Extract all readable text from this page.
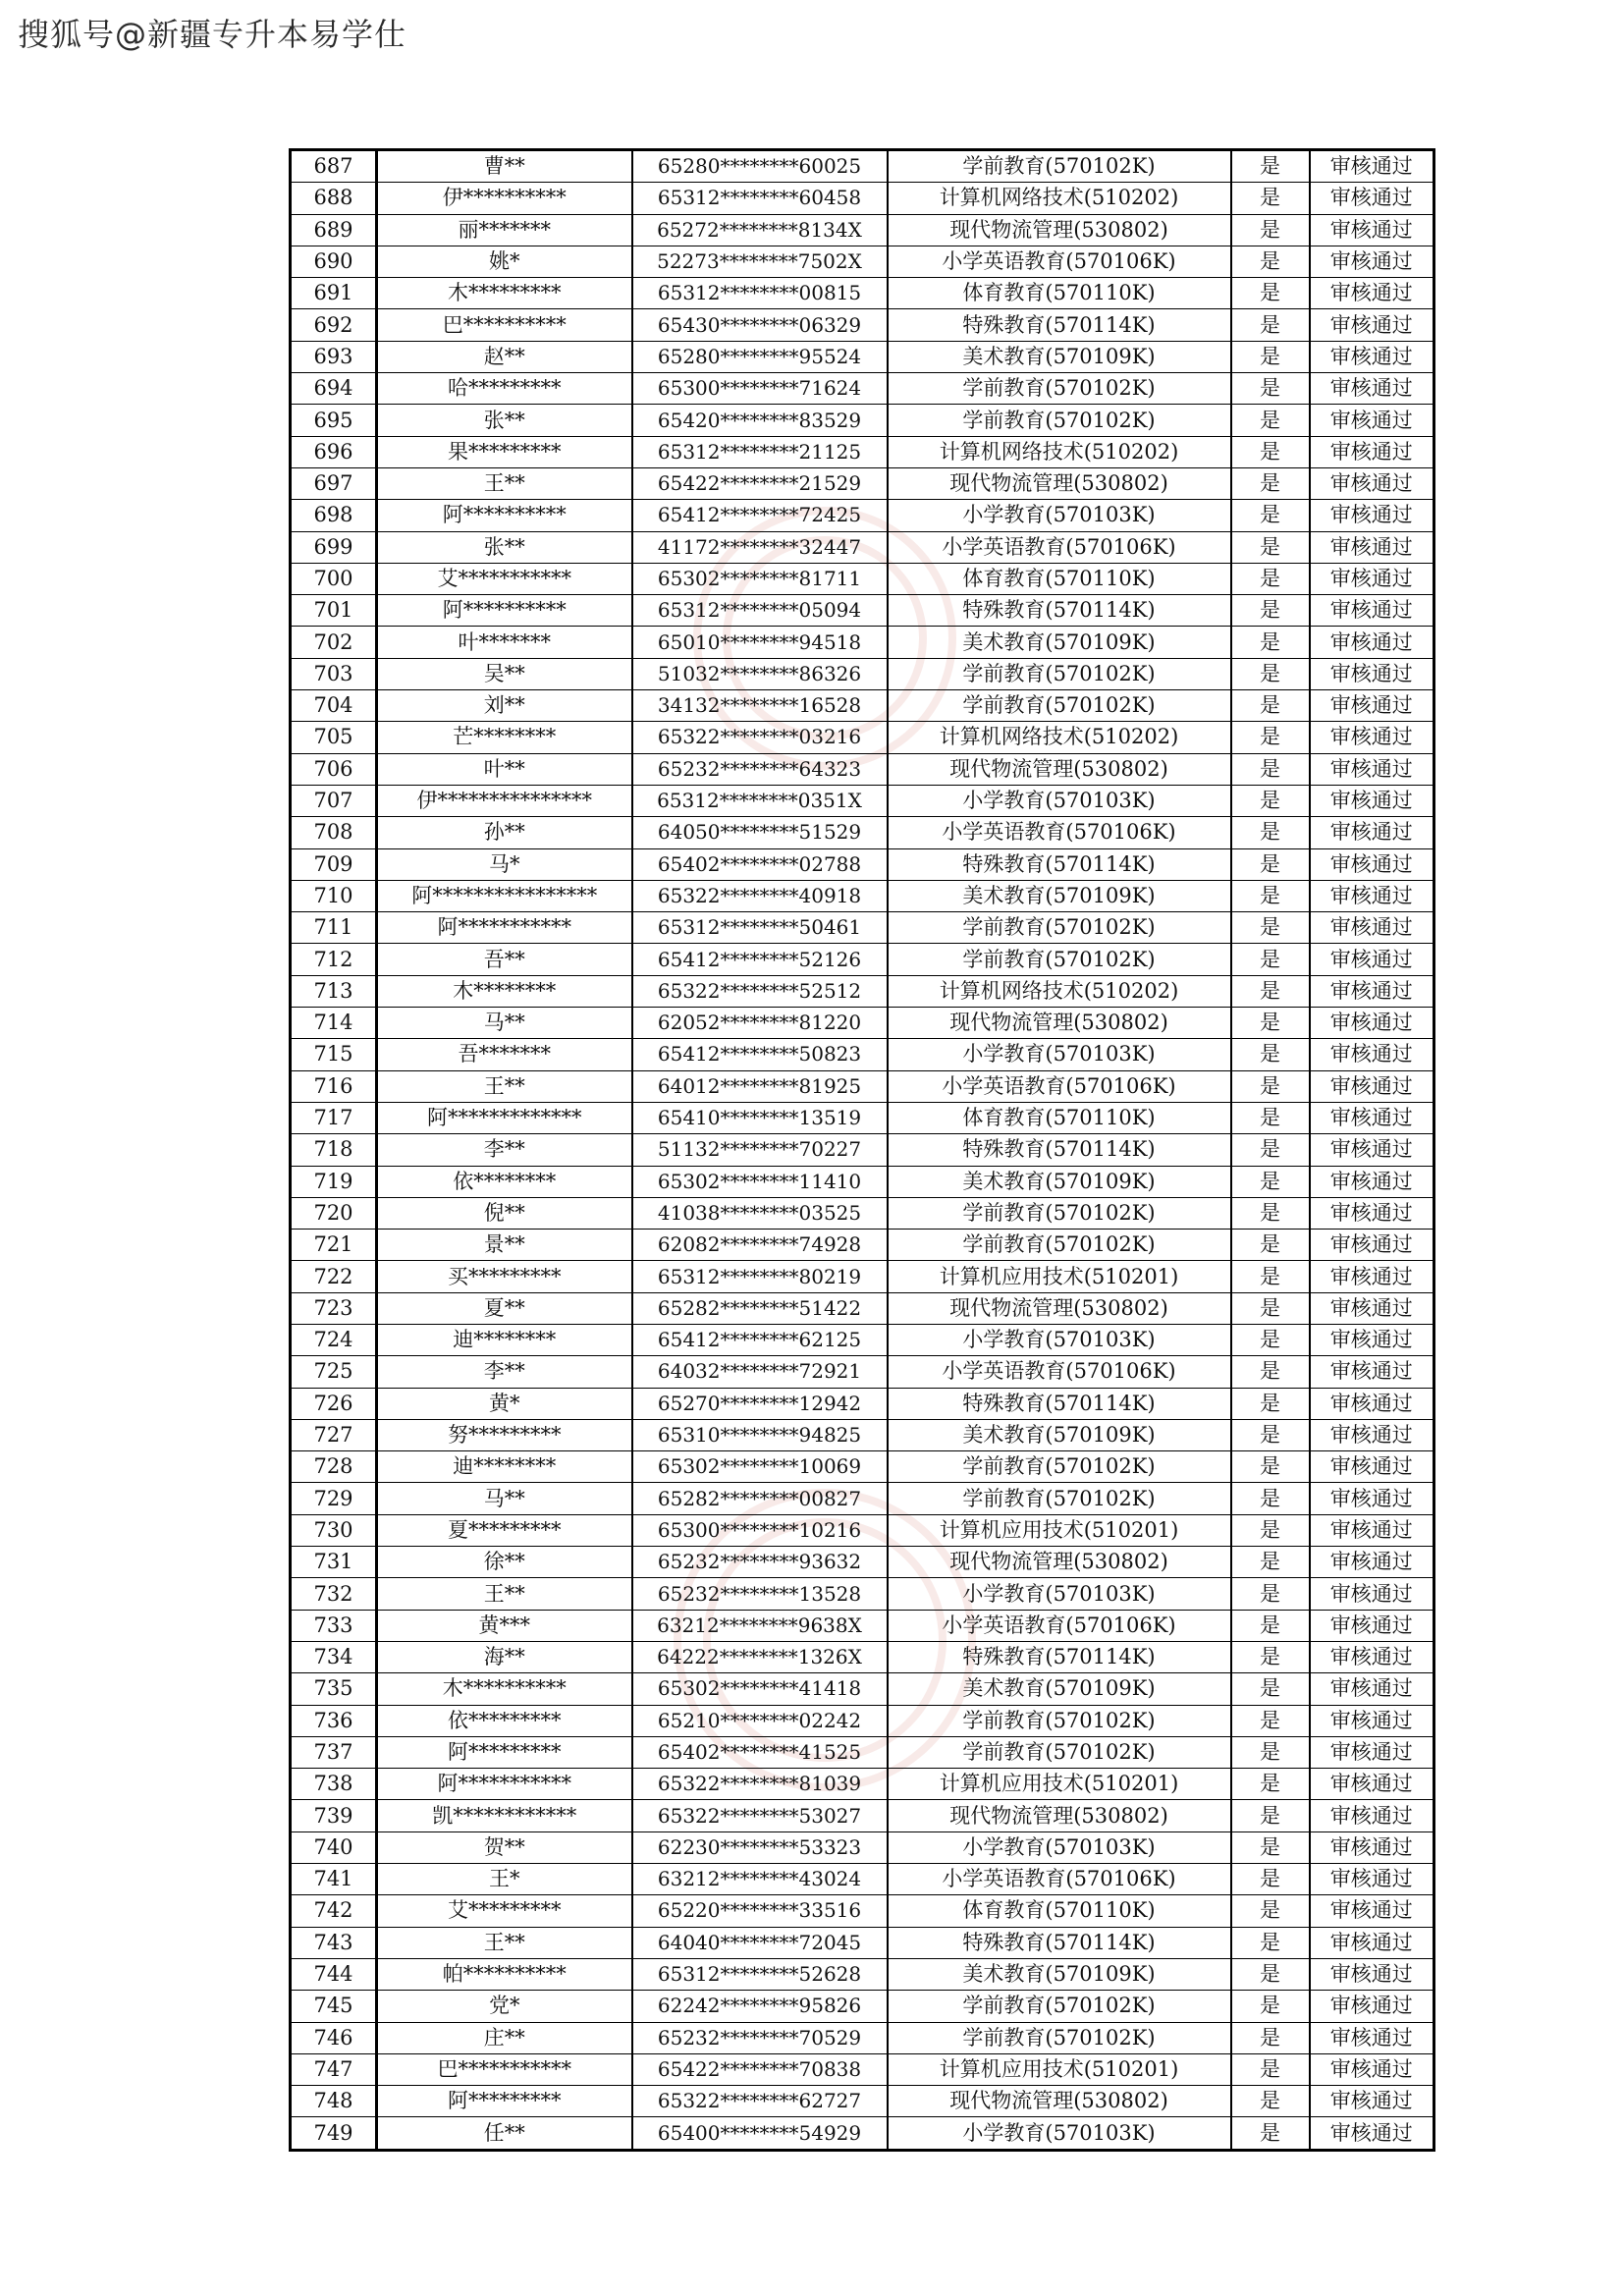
搜狐号@新疆专升本易学仕
687	曹**	65280********60025	学前教育(570102K)	是	审核通过
688	伊**********	65312********60458	计算机网络技术(510202)	是	审核通过
689	丽*******	65272********8134X	现代物流管理(530802)	是	审核通过
690	姚*	52273********7502X	小学英语教育(570106K)	是	审核通过
691	木*********	65312********00815	体育教育(570110K)	是	审核通过
692	巴**********	65430********06329	特殊教育(570114K)	是	审核通过
693	赵**	65280********95524	美术教育(570109K)	是	审核通过
694	哈*********	65300********71624	学前教育(570102K)	是	审核通过
695	张**	65420********83529	学前教育(570102K)	是	审核通过
696	果*********	65312********21125	计算机网络技术(510202)	是	审核通过
697	王**	65422********21529	现代物流管理(530802)	是	审核通过
698	阿**********	65412********72425	小学教育(570103K)	是	审核通过
699	张**	41172********32447	小学英语教育(570106K)	是	审核通过
700	艾***********	65302********81711	体育教育(570110K)	是	审核通过
701	阿**********	65312********05094	特殊教育(570114K)	是	审核通过
702	叶*******	65010********94518	美术教育(570109K)	是	审核通过
703	吴**	51032********86326	学前教育(570102K)	是	审核通过
704	刘**	34132********16528	学前教育(570102K)	是	审核通过
705	芒********	65322********03216	计算机网络技术(510202)	是	审核通过
706	叶**	65232********64323	现代物流管理(530802)	是	审核通过
707	伊***************	65312********0351X	小学教育(570103K)	是	审核通过
708	孙**	64050********51529	小学英语教育(570106K)	是	审核通过
709	马*	65402********02788	特殊教育(570114K)	是	审核通过
710	阿****************	65322********40918	美术教育(570109K)	是	审核通过
711	阿***********	65312********50461	学前教育(570102K)	是	审核通过
712	吾**	65412********52126	学前教育(570102K)	是	审核通过
713	木********	65322********52512	计算机网络技术(510202)	是	审核通过
714	马**	62052********81220	现代物流管理(530802)	是	审核通过
715	吾*******	65412********50823	小学教育(570103K)	是	审核通过
716	王**	64012********81925	小学英语教育(570106K)	是	审核通过
717	阿*************	65410********13519	体育教育(570110K)	是	审核通过
718	李**	51132********70227	特殊教育(570114K)	是	审核通过
719	依********	65302********11410	美术教育(570109K)	是	审核通过
720	倪**	41038********03525	学前教育(570102K)	是	审核通过
721	景**	62082********74928	学前教育(570102K)	是	审核通过
722	买*********	65312********80219	计算机应用技术(510201)	是	审核通过
723	夏**	65282********51422	现代物流管理(530802)	是	审核通过
724	迪********	65412********62125	小学教育(570103K)	是	审核通过
725	李**	64032********72921	小学英语教育(570106K)	是	审核通过
726	黄*	65270********12942	特殊教育(570114K)	是	审核通过
727	努*********	65310********94825	美术教育(570109K)	是	审核通过
728	迪********	65302********10069	学前教育(570102K)	是	审核通过
729	马**	65282********00827	学前教育(570102K)	是	审核通过
730	夏*********	65300********10216	计算机应用技术(510201)	是	审核通过
731	徐**	65232********93632	现代物流管理(530802)	是	审核通过
732	王**	65232********13528	小学教育(570103K)	是	审核通过
733	黄***	63212********9638X	小学英语教育(570106K)	是	审核通过
734	海**	64222********1326X	特殊教育(570114K)	是	审核通过
735	木**********	65302********41418	美术教育(570109K)	是	审核通过
736	依*********	65210********02242	学前教育(570102K)	是	审核通过
737	阿*********	65402********41525	学前教育(570102K)	是	审核通过
738	阿***********	65322********81039	计算机应用技术(510201)	是	审核通过
739	凯************	65322********53027	现代物流管理(530802)	是	审核通过
740	贺**	62230********53323	小学教育(570103K)	是	审核通过
741	王*	63212********43024	小学英语教育(570106K)	是	审核通过
742	艾*********	65220********33516	体育教育(570110K)	是	审核通过
743	王**	64040********72045	特殊教育(570114K)	是	审核通过
744	帕**********	65312********52628	美术教育(570109K)	是	审核通过
745	党*	62242********95826	学前教育(570102K)	是	审核通过
746	庄**	65232********70529	学前教育(570102K)	是	审核通过
747	巴***********	65422********70838	计算机应用技术(510201)	是	审核通过
748	阿*********	65322********62727	现代物流管理(530802)	是	审核通过
749	任**	65400********54929	小学教育(570103K)	是	审核通过
